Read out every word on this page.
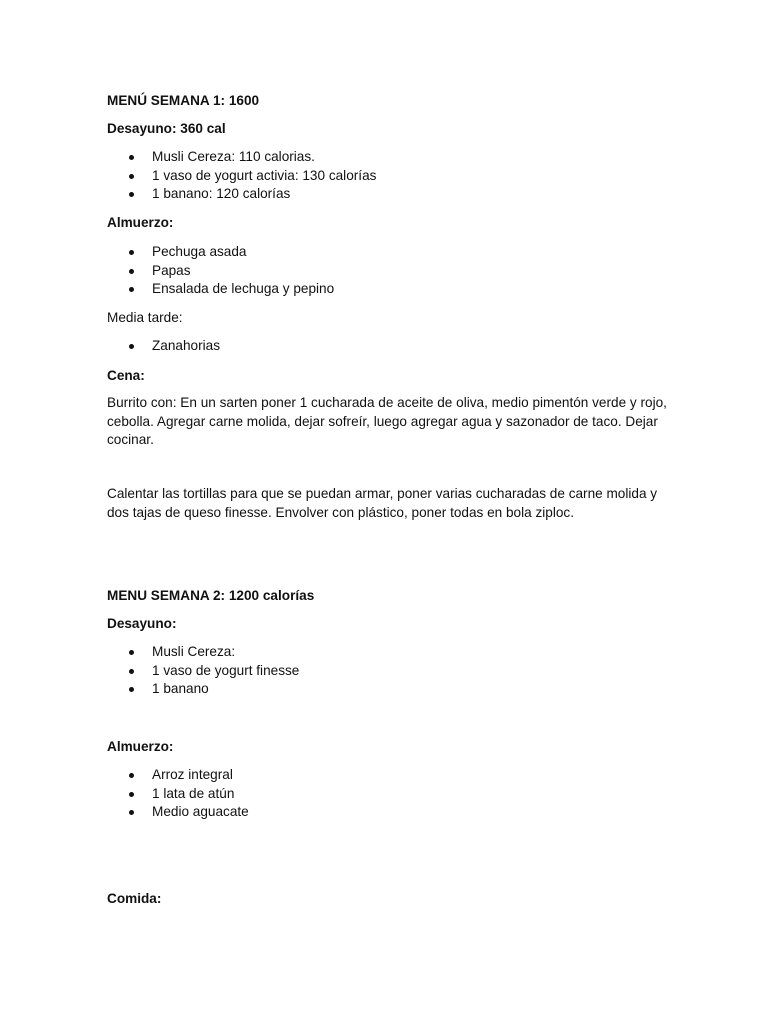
MENÚ SEMANA 1: 1600
Desayuno: 360 cal
Musli Cereza: 110 calorias.
1 vaso de yogurt activia: 130 calorías
1 banano: 120 calorías
Almuerzo:
Pechuga asada
Papas
Ensalada de lechuga y pepino
Media tarde:
Zanahorias
Cena:

Burrito con: En un sarten poner 1 cucharada de aceite de oliva, medio pimentón verde y rojo, cebolla. Agregar carne molida, dejar sofreír, luego agregar agua y sazonador de taco. Dejar cocinar.

Calentar las tortillas para que se puedan armar, poner varias cucharadas de carne molida y dos tajas de queso finesse. Envolver con plástico, poner todas en bola ziploc.

MENU SEMANA 2: 1200 calorías
Desayuno:
Musli Cereza:
1 vaso de yogurt finesse
1 banano
Almuerzo:
Arroz integral
1 lata de atún
Medio aguacate
Comida:
